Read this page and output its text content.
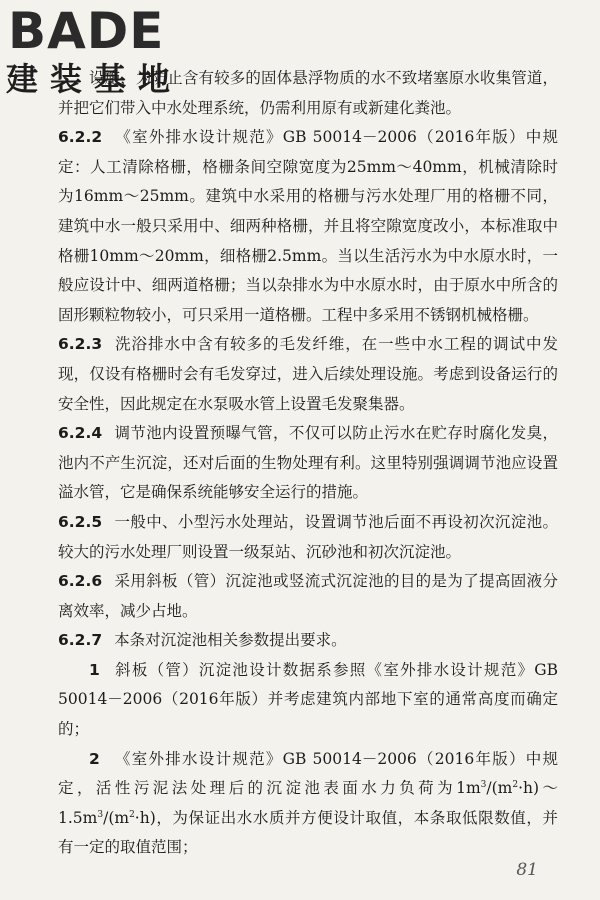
BADE
建装基地

设施，为防止含有较多的固体悬浮物质的水不致堵塞原水收集管道，并把它们带入中水处理系统，仍需利用原有或新建化粪池。

6.2.2 《室外排水设计规范》GB 50014－2006（2016年版）中规定：人工清除格栅，格栅条间空隙宽度为25mm～40mm，机械清除时为16mm～25mm。建筑中水采用的格栅与污水处理厂用的格栅不同，建筑中水一般只采用中、细两种格栅，并且将空隙宽度改小，本标准取中格栅10mm～20mm，细格栅2.5mm。当以生活污水为中水原水时，一般应设计中、细两道格栅；当以杂排水为中水原水时，由于原水中所含的固形颗粒物较小，可只采用一道格栅。工程中多采用不锈钢机械格栅。

6.2.3 洗浴排水中含有较多的毛发纤维，在一些中水工程的调试中发现，仅设有格栅时会有毛发穿过，进入后续处理设施。考虑到设备运行的安全性，因此规定在水泵吸水管上设置毛发聚集器。

6.2.4 调节池内设置预曝气管，不仅可以防止污水在贮存时腐化发臭，池内不产生沉淀，还对后面的生物处理有利。这里特别强调调节池应设置溢水管，它是确保系统能够安全运行的措施。

6.2.5 一般中、小型污水处理站，设置调节池后面不再设初次沉淀池。较大的污水处理厂则设置一级泵站、沉砂池和初次沉淀池。

6.2.6 采用斜板（管）沉淀池或竖流式沉淀池的目的是为了提高固液分离效率，减少占地。

6.2.7 本条对沉淀池相关参数提出要求。

1 斜板（管）沉淀池设计数据系参照《室外排水设计规范》GB 50014－2006（2016年版）并考虑建筑内部地下室的通常高度而确定的；

2 《室外排水设计规范》GB 50014－2006（2016年版）中规定，活性污泥法处理后的沉淀池表面水力负荷为$1m^3/(m^2\cdot h)\sim 1.5m^3/(m^2\cdot h)$，为保证出水水质并方便设计取值，本条取低限数值，并有一定的取值范围；

81
